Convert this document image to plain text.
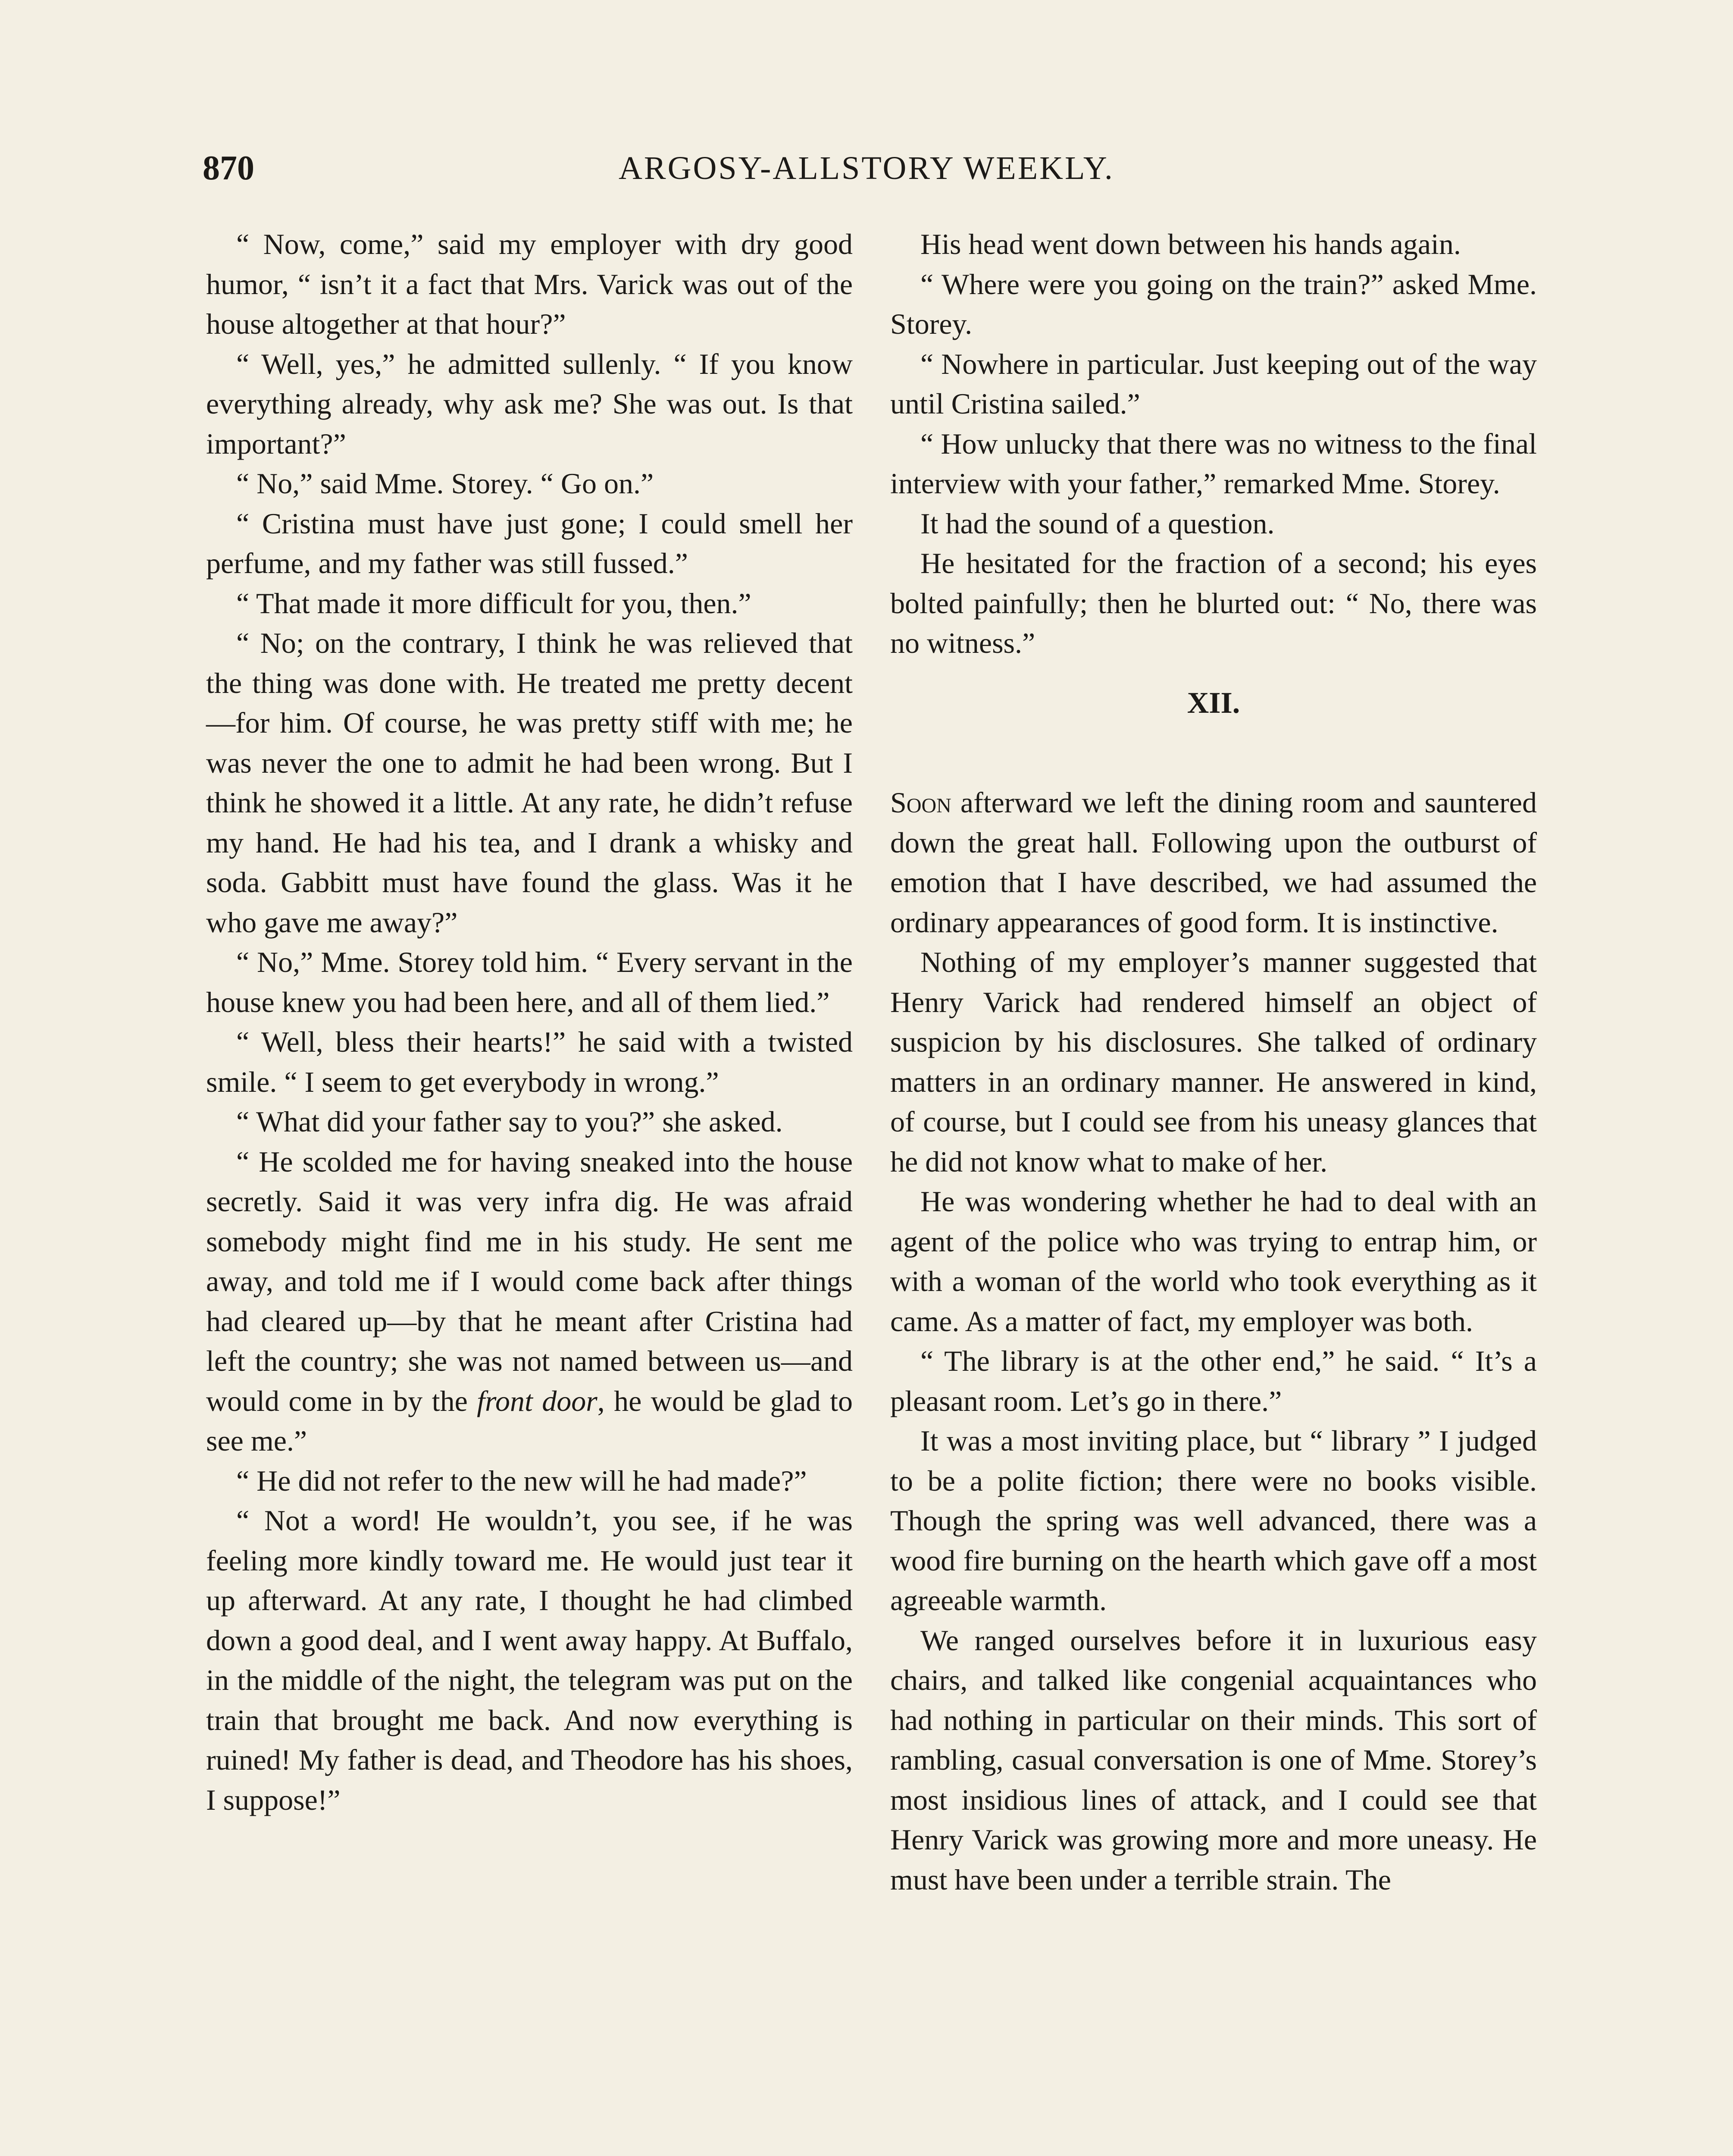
870	ARGOSY-ALLSTORY WEEKLY.

“ Now, come,” said my employer with dry good humor, “ isn’t it a fact that Mrs. Varick was out of the house altogether at that hour?”

“ Well, yes,” he admitted sullenly. “ If you know everything already, why ask me? She was out. Is that important?”

“ No,” said Mme. Storey. “ Go on.”

“ Cristina must have just gone; I could smell her perfume, and my father was still fussed.”

“ That made it more difficult for you, then.”

“ No; on the contrary, I think he was relieved that the thing was done with. He treated me pretty decent—for him. Of course, he was pretty stiff with me; he was never the one to admit he had been wrong. But I think he showed it a little. At any rate, he didn’t refuse my hand. He had his tea, and I drank a whisky and soda. Gabbitt must have found the glass. Was it he who gave me away?”

“ No,” Mme. Storey told him. “ Every servant in the house knew you had been here, and all of them lied.”

“ Well, bless their hearts!” he said with a twisted smile. “ I seem to get everybody in wrong.”

“ What did your father say to you?” she asked.

“ He scolded me for having sneaked into the house secretly. Said it was very infra dig. He was afraid somebody might find me in his study. He sent me away, and told me if I would come back after things had cleared up—by that he meant after Cristina had left the country; she was not named between us—and would come in by the front door, he would be glad to see me.”

“ He did not refer to the new will he had made?”

“ Not a word! He wouldn’t, you see, if he was feeling more kindly toward me. He would just tear it up afterward. At any rate, I thought he had climbed down a good deal, and I went away happy. At Buffalo, in the middle of the night, the telegram was put on the train that brought me back. And now everything is ruined! My father is dead, and Theodore has his shoes, I suppose!”

His head went down between his hands again.

“ Where were you going on the train?” asked Mme. Storey.

“ Nowhere in particular. Just keeping out of the way until Cristina sailed.”

“ How unlucky that there was no witness to the final interview with your father,” remarked Mme. Storey.

It had the sound of a question.

He hesitated for the fraction of a second; his eyes bolted painfully; then he blurted out: “ No, there was no witness.”

XII.

Soon afterward we left the dining room and sauntered down the great hall. Following upon the outburst of emotion that I have described, we had assumed the ordinary appearances of good form. It is instinctive.

Nothing of my employer’s manner suggested that Henry Varick had rendered himself an object of suspicion by his disclosures. She talked of ordinary matters in an ordinary manner. He answered in kind, of course, but I could see from his uneasy glances that he did not know what to make of her.

He was wondering whether he had to deal with an agent of the police who was trying to entrap him, or with a woman of the world who took everything as it came. As a matter of fact, my employer was both.

“ The library is at the other end,” he said. “ It’s a pleasant room. Let’s go in there.”

It was a most inviting place, but “ library ” I judged to be a polite fiction; there were no books visible. Though the spring was well advanced, there was a wood fire burning on the hearth which gave off a most agreeable warmth.

We ranged ourselves before it in luxurious easy chairs, and talked like congenial acquaintances who had nothing in particular on their minds. This sort of rambling, casual conversation is one of Mme. Storey’s most insidious lines of attack, and I could see that Henry Varick was growing more and more uneasy. He must have been under a terrible strain. The
